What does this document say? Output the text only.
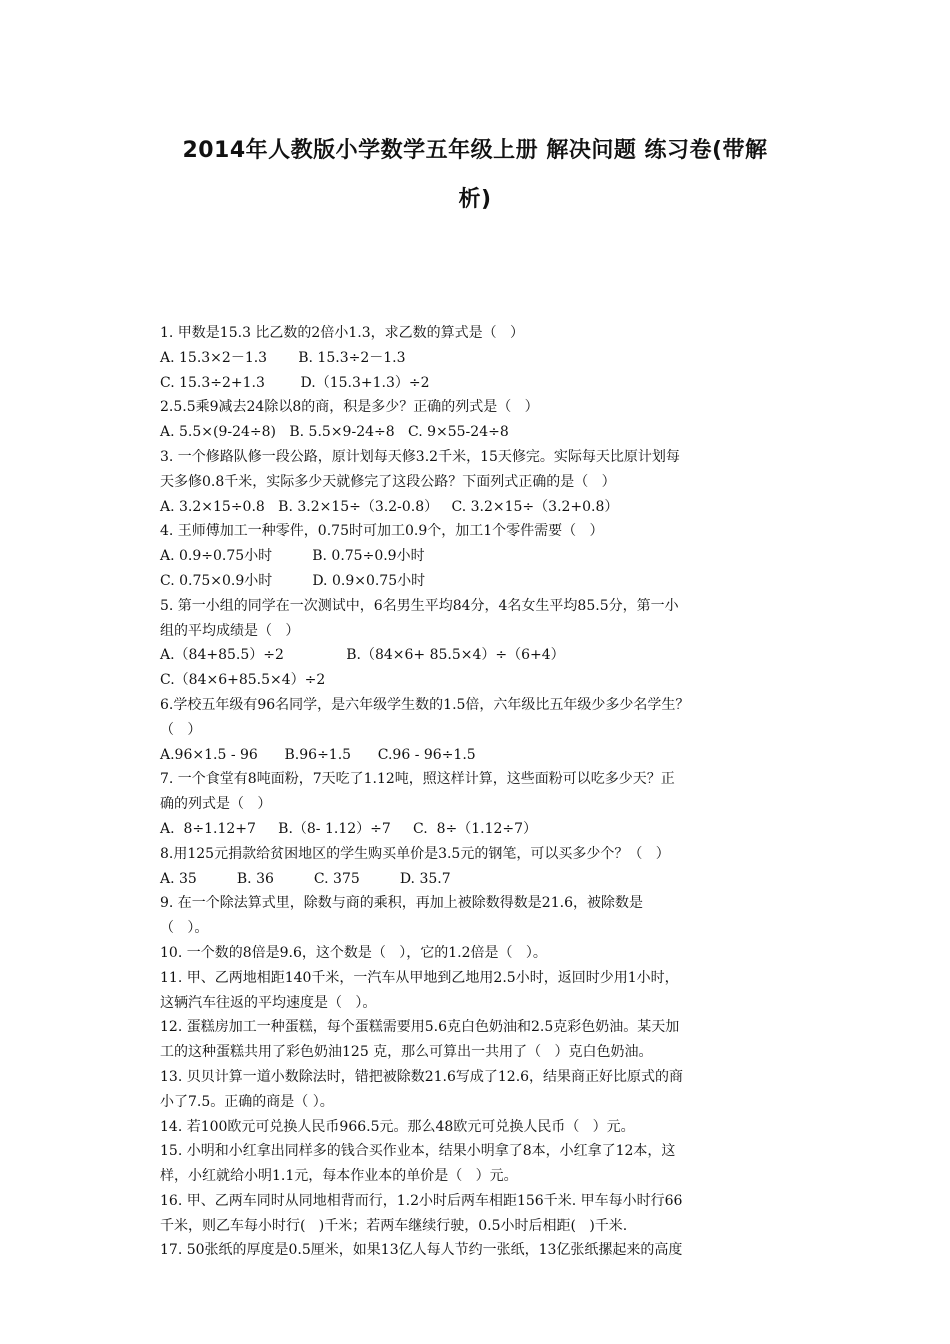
2014年人教版小学数学五年级上册 解决问题 练习卷(带解
析)
1. 甲数是15.3 比乙数的2倍小1.3，求乙数的算式是（   ）
A. 15.3×2－1.3       B. 15.3÷2－1.3
C. 15.3÷2+1.3        D.（15.3+1.3）÷2
2.5.5乘9减去24除以8的商，积是多少？正确的列式是（   ）
A. 5.5×(9-24÷8)   B. 5.5×9-24÷8   C. 9×55-24÷8
3. 一个修路队修一段公路，原计划每天修3.2千米，15天修完。实际每天比原计划每
天多修0.8千米，实际多少天就修完了这段公路？下面列式正确的是（   ）
A. 3.2×15÷0.8   B. 3.2×15÷（3.2-0.8）   C. 3.2×15÷（3.2+0.8）
4. 王师傅加工一种零件，0.75时可加工0.9个，加工1个零件需要（   ）
A. 0.9÷0.75小时         B. 0.75÷0.9小时
C. 0.75×0.9小时         D. 0.9×0.75小时
5. 第一小组的同学在一次测试中，6名男生平均84分，4名女生平均85.5分，第一小
组的平均成绩是（   ）
A.（84+85.5）÷2              B.（84×6+ 85.5×4）÷（6+4）
C.（84×6+85.5×4）÷2
6.学校五年级有96名同学，是六年级学生数的1.5倍，六年级比五年级少多少名学生？
（   ）
A.96×1.5 - 96      B.96÷1.5      C.96 - 96÷1.5
7. 一个食堂有8吨面粉，7天吃了1.12吨，照这样计算，这些面粉可以吃多少天？正
确的列式是（   ）
A.  8÷1.12+7     B.（8- 1.12）÷7     C.  8÷（1.12÷7）
8.用125元捐款给贫困地区的学生购买单价是3.5元的钢笔，可以买多少个？（   ）
A. 35         B. 36         C. 375         D. 35.7
9. 在一个除法算式里，除数与商的乘积，再加上被除数得数是21.6，被除数是
（   ）。
10. 一个数的8倍是9.6，这个数是（   ），它的1.2倍是（   ）。
11. 甲、乙两地相距140千米，一汽车从甲地到乙地用2.5小时，返回时少用1小时，
这辆汽车往返的平均速度是（   ）。
12. 蛋糕房加工一种蛋糕，每个蛋糕需要用5.6克白色奶油和2.5克彩色奶油。某天加
工的这种蛋糕共用了彩色奶油125 克，那么可算出一共用了（   ）克白色奶油。
13. 贝贝计算一道小数除法时，错把被除数21.6写成了12.6，结果商正好比原式的商
小了7.5。正确的商是（ ）。
14. 若100欧元可兑换人民币966.5元。那么48欧元可兑换人民币（   ）元。
15. 小明和小红拿出同样多的钱合买作业本，结果小明拿了8本，小红拿了12本，这
样，小红就给小明1.1元，每本作业本的单价是（   ）元。
16. 甲、乙两车同时从同地相背而行，1.2小时后两车相距156千米. 甲车每小时行66
千米，则乙车每小时行(   )千米；若两车继续行驶，0.5小时后相距(   )千米.
17. 50张纸的厚度是0.5厘米，如果13亿人每人节约一张纸，13亿张纸摞起来的高度
